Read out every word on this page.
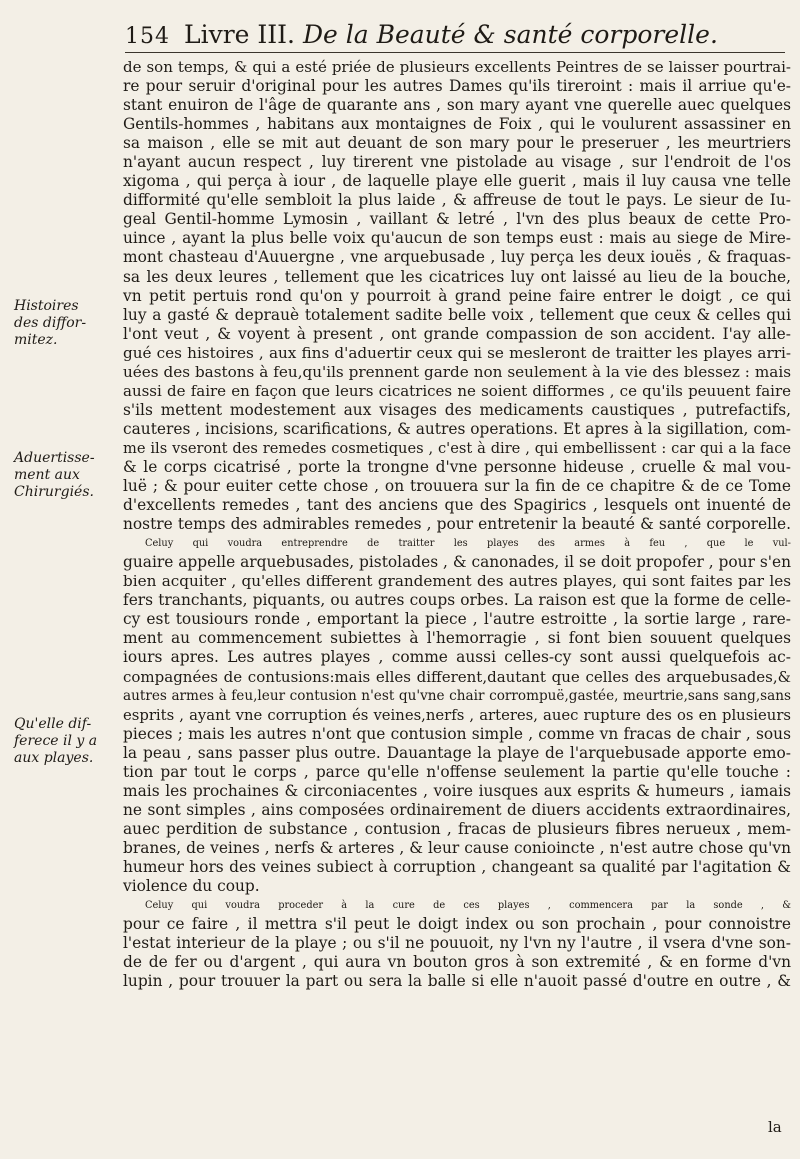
154 Livre III. De la Beauté & santé corporelle.
Histoires
des diffor-
mitez.
Aduertisse-
ment aux
Chirurgiés.
Qu'elle dif-
ferece il y a
aux playes.
de son temps, & qui a esté priée de plusieurs excellents Peintres de se laisser pourtrai-
re pour seruir d'original pour les autres Dames qu'ils tireroint : mais il arriue qu'e-
stant enuiron de l'âge de quarante ans , son mary ayant vne querelle auec quelques
Gentils-hommes , habitans aux montaignes de Foix , qui le voulurent assassiner en
sa maison , elle se mit aut deuant de son mary pour le preseruer , les meurtriers
n'ayant aucun respect , luy tirerent vne pistolade au visage , sur l'endroit de l'os
xigoma , qui perça à iour , de laquelle playe elle guerit , mais il luy causa vne telle
difformité qu'elle sembloit la plus laide , & affreuse de tout le pays. Le sieur de Iu-
geal Gentil-homme Lymosin , vaillant & letré , l'vn des plus beaux de cette Pro-
uince , ayant la plus belle voix qu'aucun de son temps eust : mais au siege de Mire-
mont chasteau d'Auuergne , vne arquebusade , luy perça les deux iouës , & fraquas-
sa les deux leures , tellement que les cicatrices luy ont laissé au lieu de la bouche,
vn petit pertuis rond qu'on y pourroit à grand peine faire entrer le doigt , ce qui
luy a gasté & deprauè totalement sadite belle voix , tellement que ceux & celles qui
l'ont veut , & voyent à present , ont grande compassion de son accident. I'ay alle-
gué ces histoires , aux fins d'aduertir ceux qui se mesleront de traitter les playes arri-
uées des bastons à feu,qu'ils prennent garde non seulement à la vie des blessez : mais
aussi de faire en façon que leurs cicatrices ne soient difformes , ce qu'ils peuuent faire
s'ils mettent modestement aux visages des medicaments caustiques , putrefactifs,
cauteres , incisions, scarifications, & autres operations. Et apres à la sigillation, com-
me ils vseront des remedes cosmetiques , c'est à dire , qui embellissent : car qui a la face
& le corps cicatrisé , porte la trongne d'vne personne hideuse , cruelle & mal vou-
luë ; & pour euiter cette chose , on trouuera sur la fin de ce chapitre & de ce Tome
d'excellents remedes , tant des anciens que des Spagirics , lesquels ont inuenté de
nostre temps des admirables remedes , pour entretenir la beauté & santé corporelle.
Celuy qui voudra entreprendre de traitter les playes des armes à feu , que le vul-
guaire appelle arquebusades, pistolades , & canonades, il se doit propofer , pour s'en
bien acquiter , qu'elles different grandement des autres playes, qui sont faites par les
fers tranchants, piquants, ou autres coups orbes. La raison est que la forme de celle-
cy est tousiours ronde , emportant la piece , l'autre estroitte , la sortie large , rare-
ment au commencement subiettes à l'hemorragie , si font bien souuent quelques
iours apres. Les autres playes , comme aussi celles-cy sont aussi quelquefois ac-
compagnées de contusions:mais elles different,dautant que celles des arquebusades,&
autres armes à feu,leur contusion n'est qu'vne chair corrompuë,gastée, meurtrie,sans sang,sans
esprits , ayant vne corruption és veines,nerfs , arteres, auec rupture des os en plusieurs
pieces ; mais les autres n'ont que contusion simple , comme vn fracas de chair , sous
la peau , sans passer plus outre. Dauantage la playe de l'arquebusade apporte emo-
tion par tout le corps , parce qu'elle n'offense seulement la partie qu'elle touche :
mais les prochaines & circoniacentes , voire iusques aux esprits & humeurs , iamais
ne sont simples , ains composées ordinairement de diuers accidents extraordinaires,
auec perdition de substance , contusion , fracas de plusieurs fibres nerueux , mem-
branes, de veines , nerfs & arteres , & leur cause conioincte , n'est autre chose qu'vn
humeur hors des veines subiect à corruption , changeant sa qualité par l'agitation &
violence du coup.
Celuy qui voudra proceder à la cure de ces playes , commencera par la sonde , &
pour ce faire , il mettra s'il peut le doigt index ou son prochain , pour connoistre
l'estat interieur de la playe ; ou s'il ne pouuoit, ny l'vn ny l'autre , il vsera d'vne son-
de de fer ou d'argent , qui aura vn bouton gros à son extremité , & en forme d'vn
lupin , pour trouuer la part ou sera la balle si elle n'auoit passé d'outre en outre , &
la
